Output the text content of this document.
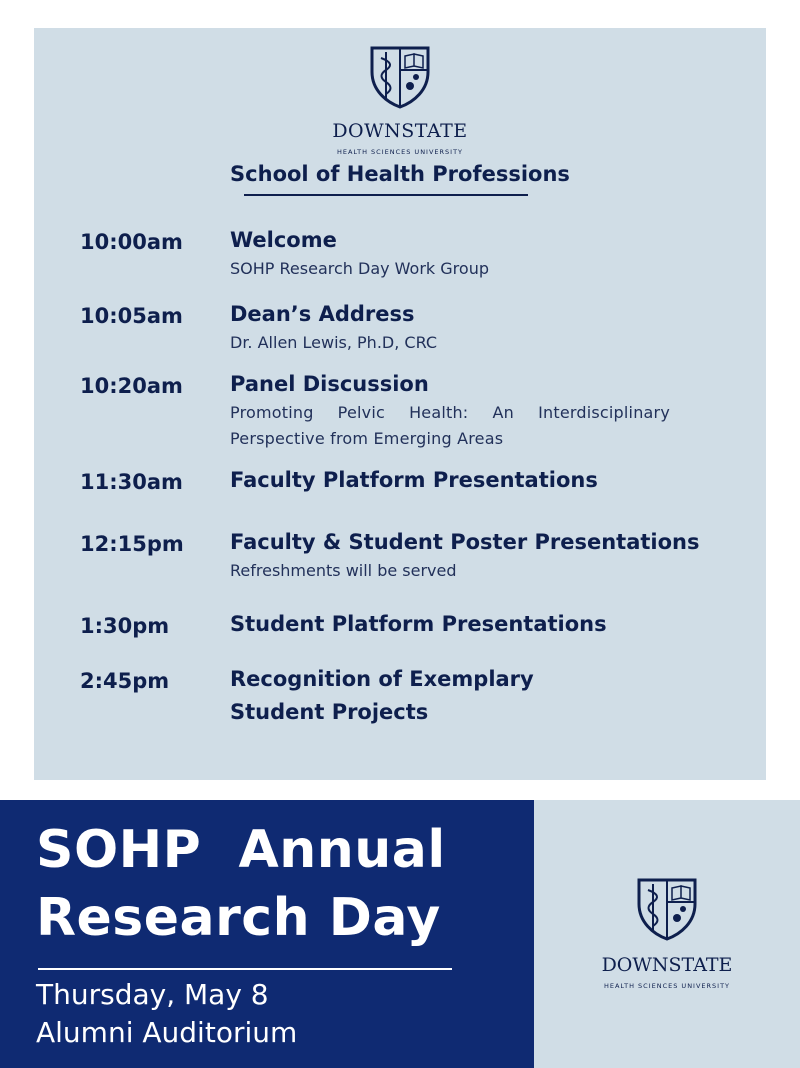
DOWNSTATE
HEALTH SCIENCES UNIVERSITY
School of Health Professions
10:00am Welcome
SOHP Research Day Work Group
10:05am Dean’s Address
Dr. Allen Lewis, Ph.D, CRC
10:20am Panel Discussion
Promoting Pelvic Health: An Interdisciplinary Perspective from Emerging Areas
11:30am Faculty Platform Presentations
12:15pm Faculty & Student Poster Presentations
Refreshments will be served
1:30pm	Student Platform Presentations
2:45pm	Recognition of Exemplary Student Projects
SOHP  Annual
Research Day
Thursday, May 8
Alumni Auditorium
DOWNSTATE
HEALTH SCIENCES UNIVERSITY
